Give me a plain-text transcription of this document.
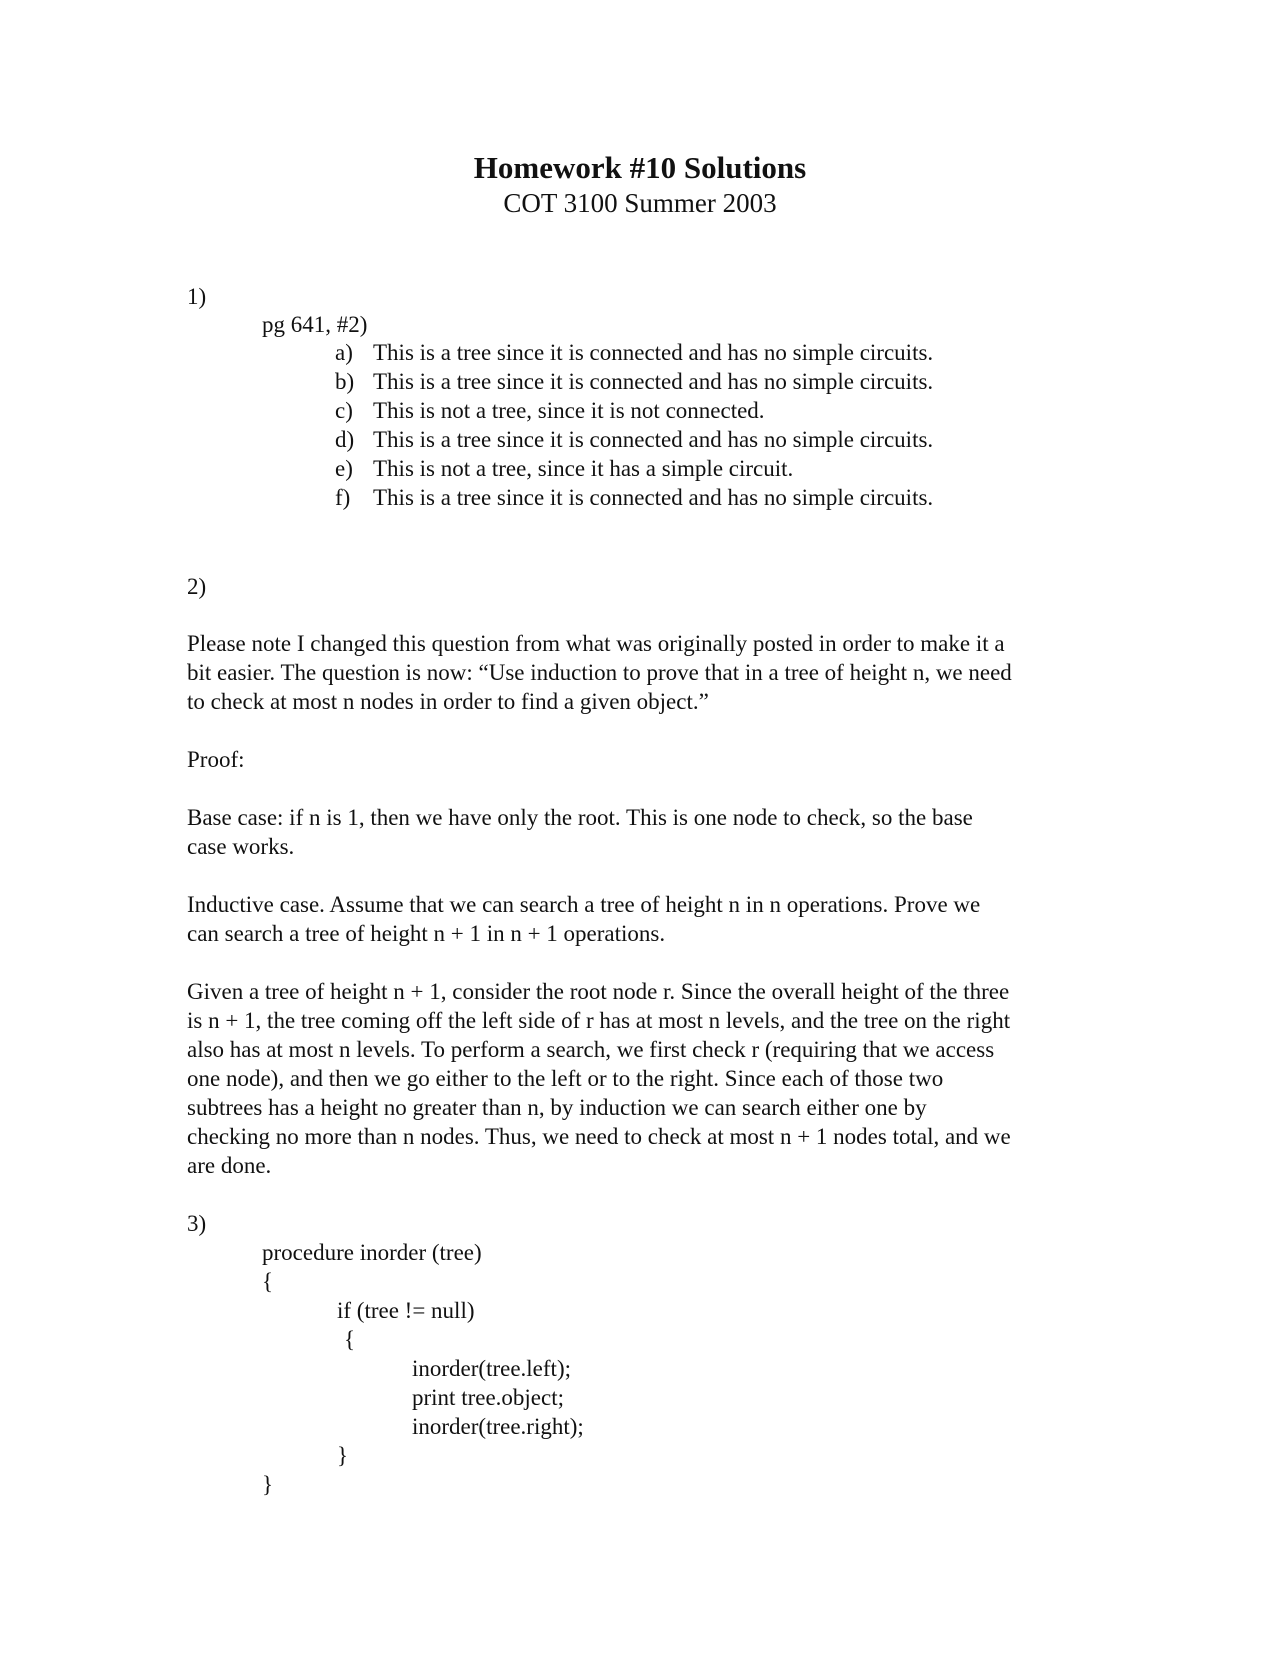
Homework #10 Solutions
COT 3100 Summer 2003
1)
pg 641, #2)
a) This is a tree since it is connected and has no simple circuits.
b) This is a tree since it is connected and has no simple circuits.
c) This is not a tree, since it is not connected.
d) This is a tree since it is connected and has no simple circuits.
e) This is not a tree, since it has a simple circuit.
f) This is a tree since it is connected and has no simple circuits.
2)
Please note I changed this question from what was originally posted in order to make it a
bit easier. The question is now: “Use induction to prove that in a tree of height n, we need
to check at most n nodes in order to find a given object.”
Proof:
Base case: if n is 1, then we have only the root. This is one node to check, so the base
case works.
Inductive case. Assume that we can search a tree of height n in n operations. Prove we
can search a tree of height n + 1 in n + 1 operations.
Given a tree of height n + 1, consider the root node r. Since the overall height of the three
is n + 1, the tree coming off the left side of r has at most n levels, and the tree on the right
also has at most n levels. To perform a search, we first check r (requiring that we access
one node), and then we go either to the left or to the right. Since each of those two
subtrees has a height no greater than n, by induction we can search either one by
checking no more than n nodes. Thus, we need to check at most n + 1 nodes total, and we
are done.
3)
procedure inorder (tree)
{
if (tree != null)
{
inorder(tree.left);
print tree.object;
inorder(tree.right);
}
}
